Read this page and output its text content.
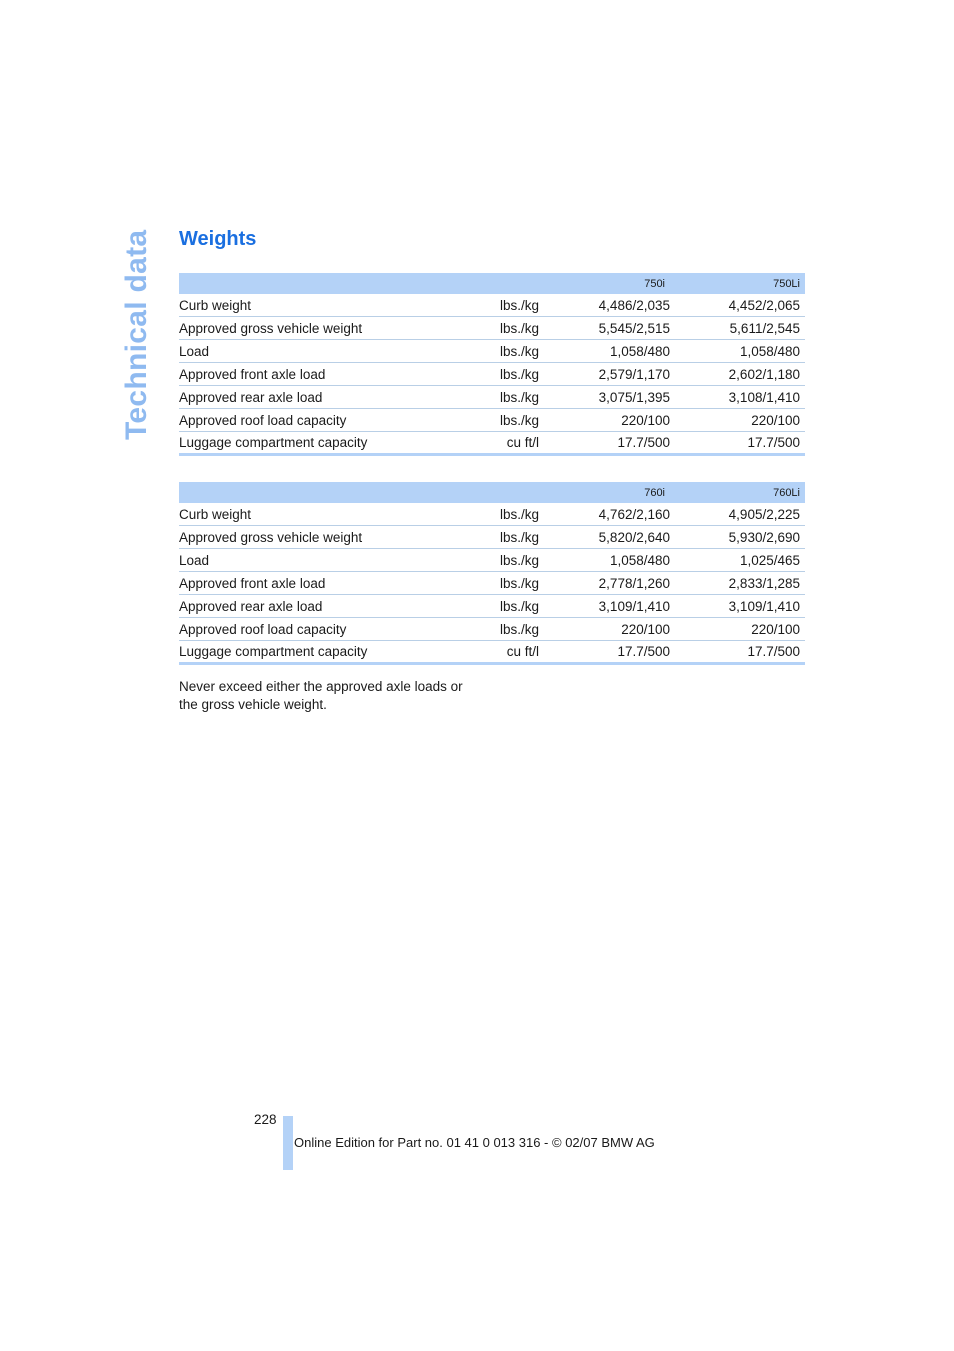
Technical data Weights
		750i	750Li
Curb weight	lbs./kg	4,486/2,035	4,452/2,065
Approved gross vehicle weight	lbs./kg	5,545/2,515	5,611/2,545
Load	lbs./kg	1,058/480	1,058/480
Approved front axle load	lbs./kg	2,579/1,170	2,602/1,180
Approved rear axle load	lbs./kg	3,075/1,395	3,108/1,410
Approved roof load capacity	lbs./kg	220/100	220/100
Luggage compartment capacity	cu ft/l	17.7/500	17.7/500
		760i	760Li
Curb weight	lbs./kg	4,762/2,160	4,905/2,225
Approved gross vehicle weight	lbs./kg	5,820/2,640	5,930/2,690
Load	lbs./kg	1,058/480	1,025/465
Approved front axle load	lbs./kg	2,778/1,260	2,833/1,285
Approved rear axle load	lbs./kg	3,109/1,410	3,109/1,410
Approved roof load capacity	lbs./kg	220/100	220/100
Luggage compartment capacity	cu ft/l	17.7/500	17.7/500
Never exceed either the approved axle loads or the gross vehicle weight.
228
Online Edition for Part no. 01 41 0 013 316 - © 02/07 BMW AG
